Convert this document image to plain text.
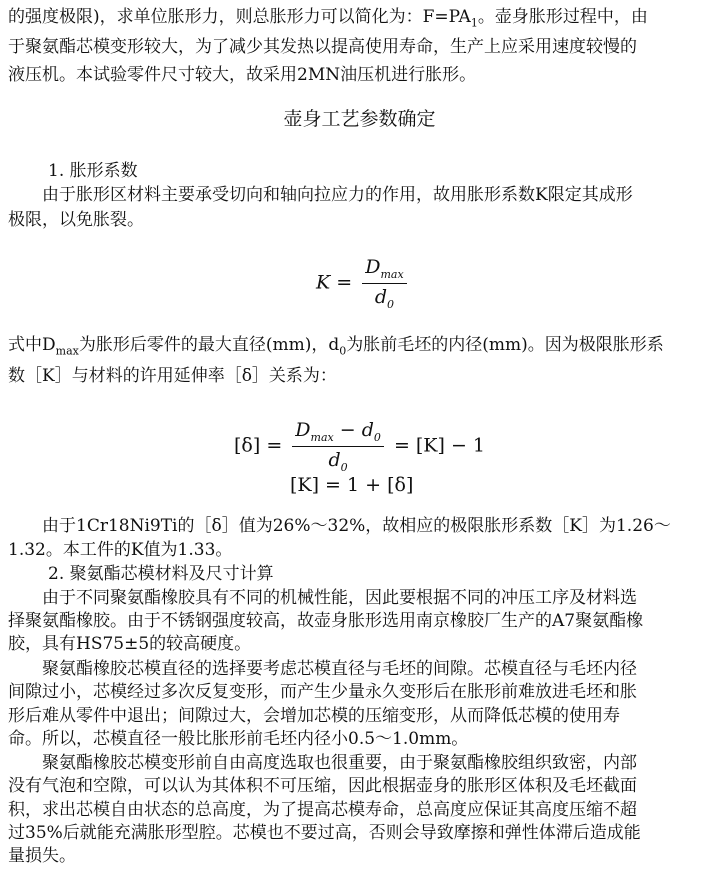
的强度极限)，求单位胀形力，则总胀形力可以简化为：$F=PA_1$。壶身胀形过程中，由
于聚氨酯芯模变形较大，为了减少其发热以提高使用寿命，生产上应采用速度较慢的
液压机。本试验零件尺寸较大，故采用2MN油压机进行胀形。
壶身工艺参数确定
1. 胀形系数
由于胀形区材料主要承受切向和轴向拉应力的作用，故用胀形系数K限定其成形
极限，以免胀裂。
$K = \frac{D_{max}}{d_0}$
式中$D_{max}$为胀形后零件的最大直径(mm)，$d_0$为胀前毛坯的内径(mm)。因为极限胀形系
数［K］与材料的许用延伸率［δ］关系为：
$[\delta] = \frac{D_{max} - d_0}{d_0} = [K] - 1$
[K] = 1 + [δ]
由于1Cr18Ni9Ti的［δ］值为26%～32%，故相应的极限胀形系数［K］为1.26～
1.32。本工件的K值为1.33。
2. 聚氨酯芯模材料及尺寸计算
由于不同聚氨酯橡胶具有不同的机械性能，因此要根据不同的冲压工序及材料选
择聚氨酯橡胶。由于不锈钢强度较高，故壶身胀形选用南京橡胶厂生产的A7聚氨酯橡
胶，具有HS75±5的较高硬度。
聚氨酯橡胶芯模直径的选择要考虑芯模直径与毛坯的间隙。芯模直径与毛坯内径
间隙过小，芯模经过多次反复变形，而产生少量永久变形后在胀形前难放进毛坯和胀
形后难从零件中退出；间隙过大，会增加芯模的压缩变形，从而降低芯模的使用寿
命。所以，芯模直径一般比胀形前毛坯内径小0.5～1.0mm。
聚氨酯橡胶芯模变形前自由高度选取也很重要，由于聚氨酯橡胶组织致密，内部
没有气泡和空隙，可以认为其体积不可压缩，因此根据壶身的胀形区体积及毛坯截面
积，求出芯模自由状态的总高度，为了提高芯模寿命，总高度应保证其高度压缩不超
过35%后就能充满胀形型腔。芯模也不要过高，否则会导致摩擦和弹性体滞后造成能
量损失。
